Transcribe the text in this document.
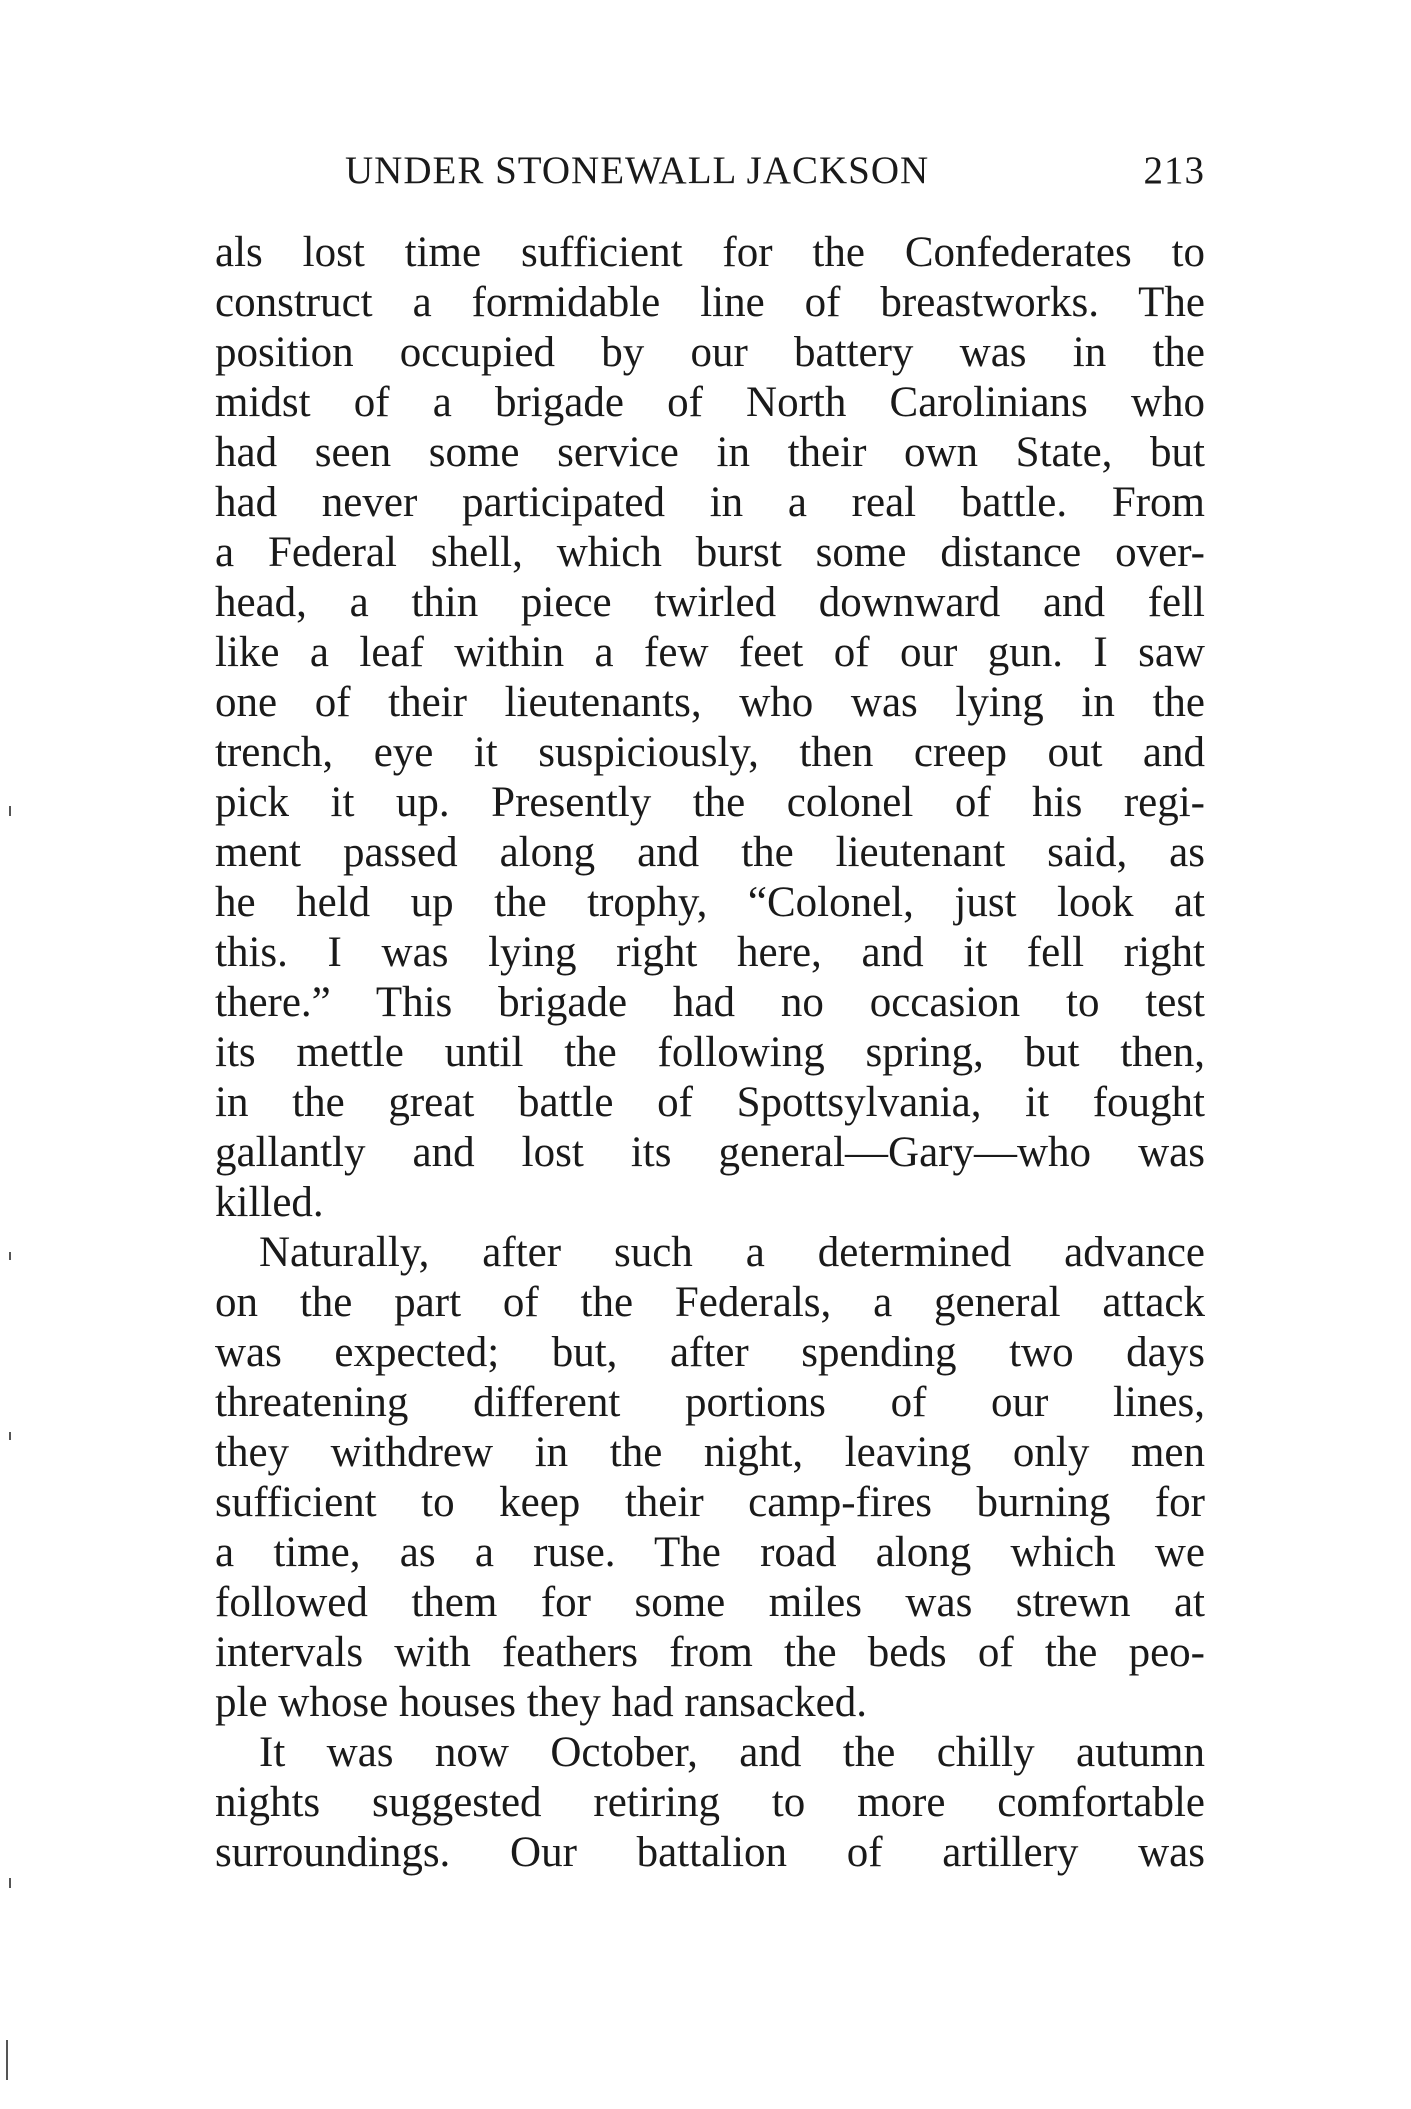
UNDER STONEWALL JACKSON	213
als lost time sufficient for the Confederates to
construct a formidable line of breastworks. The
position occupied by our battery was in the
midst of a brigade of North Carolinians who
had seen some service in their own State, but
had never participated in a real battle. From
a Federal shell, which burst some distance over-
head, a thin piece twirled downward and fell
like a leaf within a few feet of our gun. I saw
one of their lieutenants, who was lying in the
trench, eye it suspiciously, then creep out and
pick it up. Presently the colonel of his regi-
ment passed along and the lieutenant said, as
he held up the trophy, “Colonel, just look at
this. I was lying right here, and it fell right
there.” This brigade had no occasion to test
its mettle until the following spring, but then,
in the great battle of Spottsylvania, it fought
gallantly and lost its general—Gary—who was
killed.
Naturally, after such a determined advance
on the part of the Federals, a general attack
was expected; but, after spending two days
threatening different portions of our lines,
they withdrew in the night, leaving only men
sufficient to keep their camp-fires burning for
a time, as a ruse. The road along which we
followed them for some miles was strewn at
intervals with feathers from the beds of the peo-
ple whose houses they had ransacked.
It was now October, and the chilly autumn
nights suggested retiring to more comfortable
surroundings. Our battalion of artillery was
